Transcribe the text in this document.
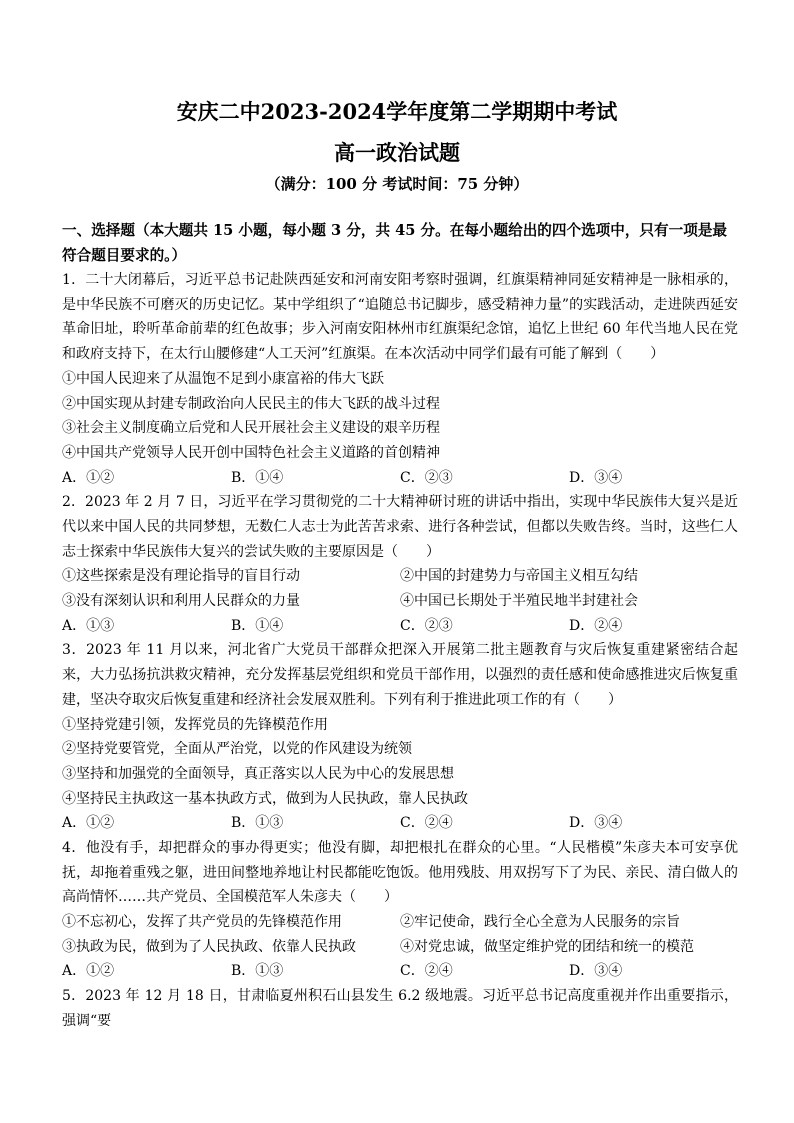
安庆二中2023-2024学年度第二学期期中考试
高一政治试题
（满分：100 分 考试时间：75 分钟）
一、选择题（本大题共 15 小题，每小题 3 分，共 45 分。在每小题给出的四个选项中，只有一项是最符合题目要求的。）
1．二十大闭幕后，习近平总书记赴陕西延安和河南安阳考察时强调，红旗渠精神同延安精神是一脉相承的，是中华民族不可磨灭的历史记忆。某中学组织了“追随总书记脚步，感受精神力量”的实践活动，走进陕西延安革命旧址，聆听革命前辈的红色故事；步入河南安阳林州市红旗渠纪念馆，追忆上世纪 60 年代当地人民在党和政府支持下，在太行山腰修建“人工天河”红旗渠。在本次活动中同学们最有可能了解到（　　）
①中国人民迎来了从温饱不足到小康富裕的伟大飞跃
②中国实现从封建专制政治向人民民主的伟大飞跃的战斗过程
③社会主义制度确立后党和人民开展社会主义建设的艰辛历程
④中国共产党领导人民开创中国特色社会主义道路的首创精神
A．①②	B．①④	C．②③	D．③④
2．2023 年 2 月 7 日，习近平在学习贯彻党的二十大精神研讨班的讲话中指出，实现中华民族伟大复兴是近代以来中国人民的共同梦想，无数仁人志士为此苦苦求索、进行各种尝试，但都以失败告终。当时，这些仁人志士探索中华民族伟大复兴的尝试失败的主要原因是（　　）
①这些探索是没有理论指导的盲目行动	②中国的封建势力与帝国主义相互勾结
③没有深刻认识和利用人民群众的力量	④中国已长期处于半殖民地半封建社会
A．①③	B．①④	C．②③	D．②④
3．2023 年 11 月以来，河北省广大党员干部群众把深入开展第二批主题教育与灾后恢复重建紧密结合起来，大力弘扬抗洪救灾精神，充分发挥基层党组织和党员干部作用，以强烈的责任感和使命感推进灾后恢复重建，坚决夺取灾后恢复重建和经济社会发展双胜利。下列有利于推进此项工作的有（　　）
①坚持党建引领，发挥党员的先锋模范作用
②坚持党要管党，全面从严治党，以党的作风建设为统领
③坚持和加强党的全面领导，真正落实以人民为中心的发展思想
④坚持民主执政这一基本执政方式，做到为人民执政，靠人民执政
A．①②	B．①③	C．②④	D．③④
4．他没有手，却把群众的事办得更实；他没有脚，却把根扎在群众的心里。“人民楷模”朱彦夫本可安享优抚，却拖着重残之躯，进田间整地养地让村民都能吃饱饭。他用残肢、用双拐写下了为民、亲民、清白做人的高尚情怀……共产党员、全国模范军人朱彦夫（　　）
①不忘初心，发挥了共产党员的先锋模范作用	②牢记使命，践行全心全意为人民服务的宗旨
③执政为民，做到为了人民执政、依靠人民执政	④对党忠诚，做坚定维护党的团结和统一的模范
A．①②	B．①③	C．②④	D．③④
5．2023 年 12 月 18 日，甘肃临夏州积石山县发生 6.2 级地震。习近平总书记高度重视并作出重要指示，强调“要
